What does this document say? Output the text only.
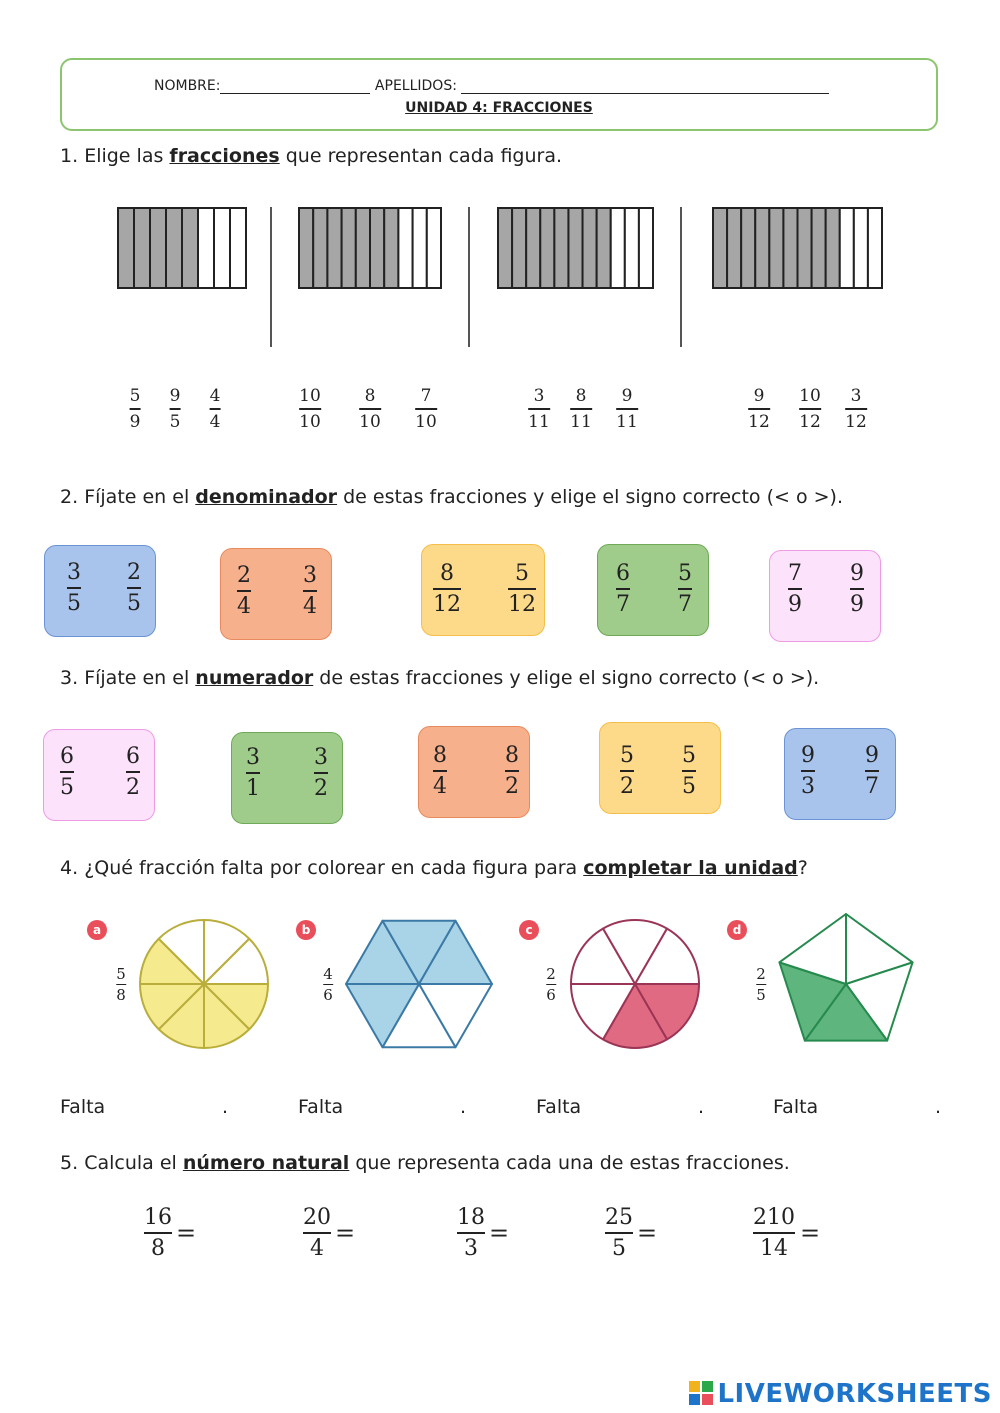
NOMBRE:	APELLIDOS:
UNIDAD 4: FRACCIONES
1. Elige las fracciones que representan cada figura.
5
9
9
5
4
4
10
10
8
10
7
10
3
11
8
11
9
11
9
12
10
12
3
12
2. Fíjate en el denominador de estas fracciones y elige el signo correcto (< o >).
3
5
2
5
2
4
3
4
8
12
5
12
6
7
5
7
7
9
9
9
3. Fíjate en el numerador de estas fracciones y elige el signo correcto (< o >).
6
5
6
2
3
1
3
2
8
4
8
2
5
2
5
5
9
3
9
7
4. ¿Qué fracción falta por colorear en cada figura para completar la unidad?
a	b	c	d
5
8
4
6
2
6
2
5
Falta	.	Falta	.	Falta	.	Falta	.
5. Calcula el número natural que representa cada una de estas fracciones.
16
8
=
20
4
=
18
3
=
25
5
=
210
14
=
LIVEWORKSHEETS
